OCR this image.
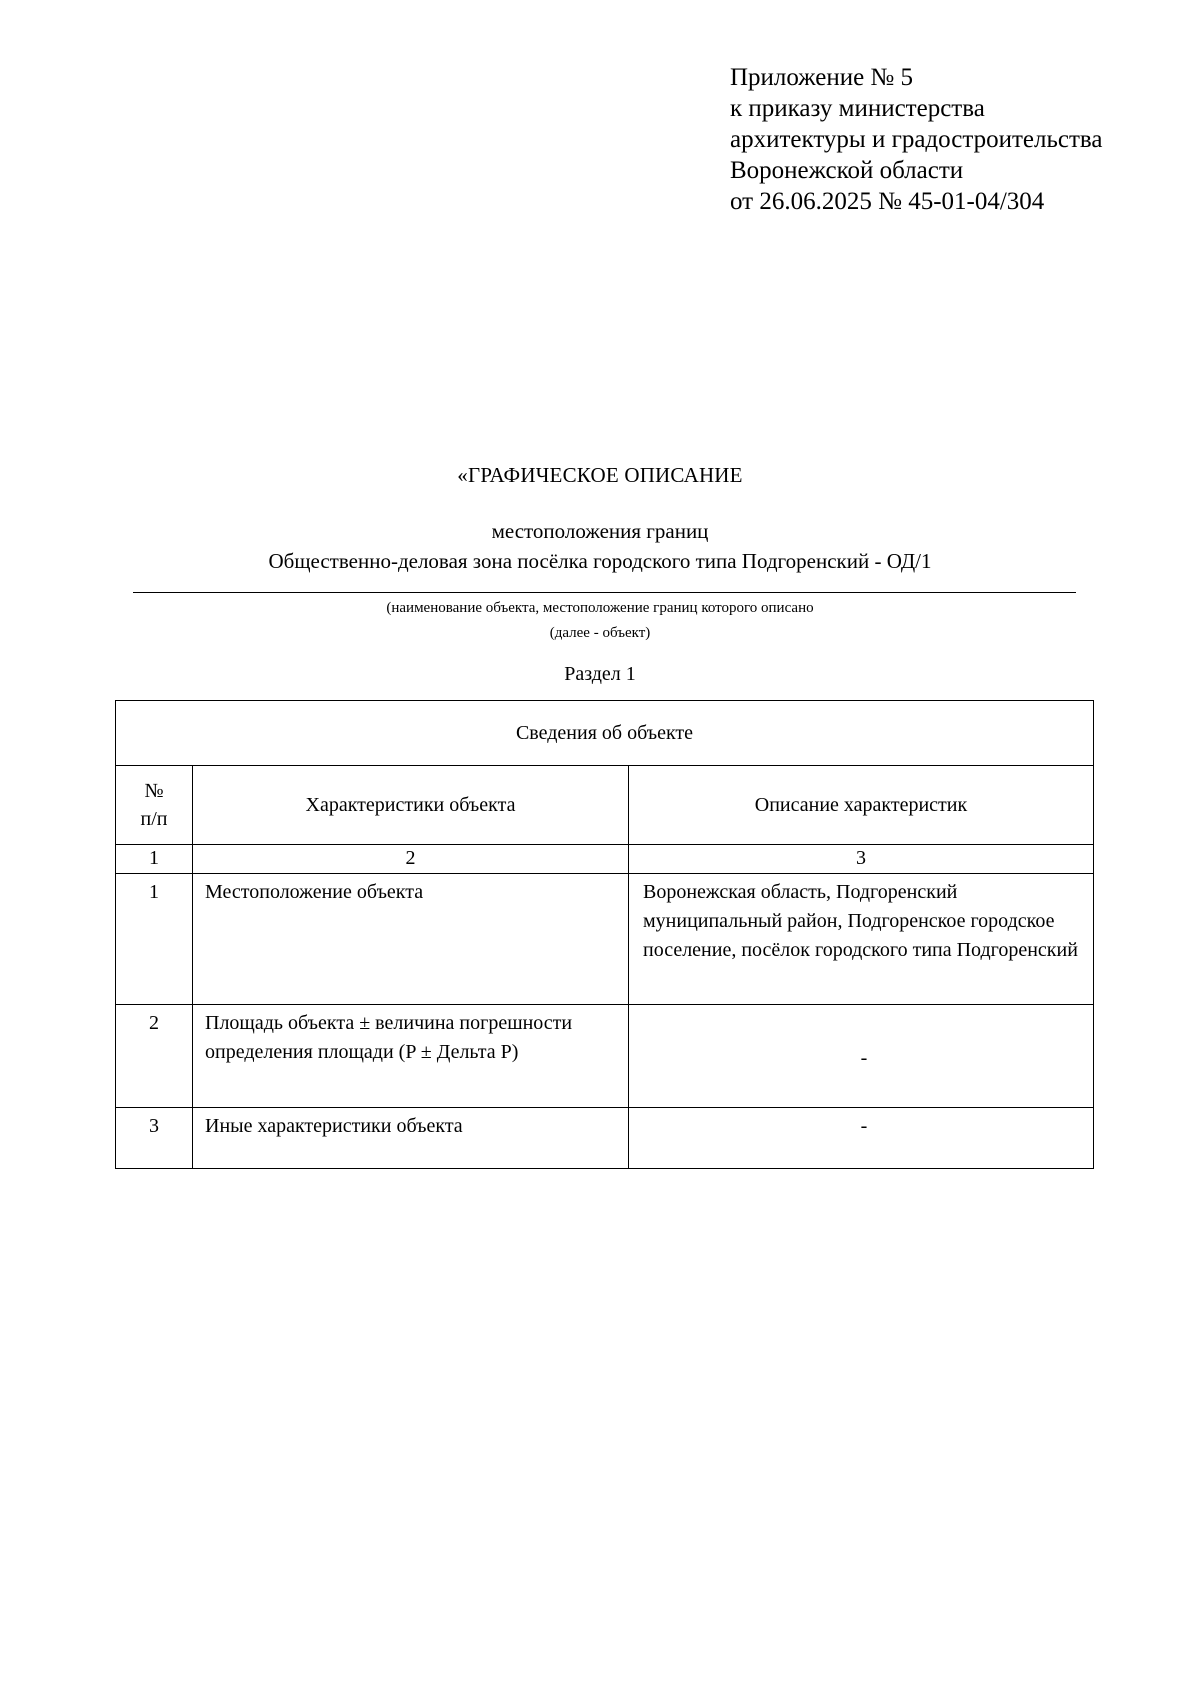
Приложение № 5
к приказу министерства
архитектуры и градостроительства
Воронежской области
от 26.06.2025 № 45-01-04/304
«ГРАФИЧЕСКОЕ ОПИСАНИЕ
местоположения границ
Общественно-деловая зона посёлка городского типа Подгоренский - ОД/1
(наименование объекта, местоположение границ которого описано
(далее - объект)
Раздел 1
Сведения об объекте		

№
п/п	Характеристики объекта	Описание характеристик
1	2	3
1	Местоположение объекта	Воронежская область, Подгоренский муниципальный район, Подгоренское городское поселение, посёлок городского типа Подгоренский
2	Площадь объекта ± величина погрешности определения площади (P ± Дельта P)	-
3	Иные характеристики объекта	-
